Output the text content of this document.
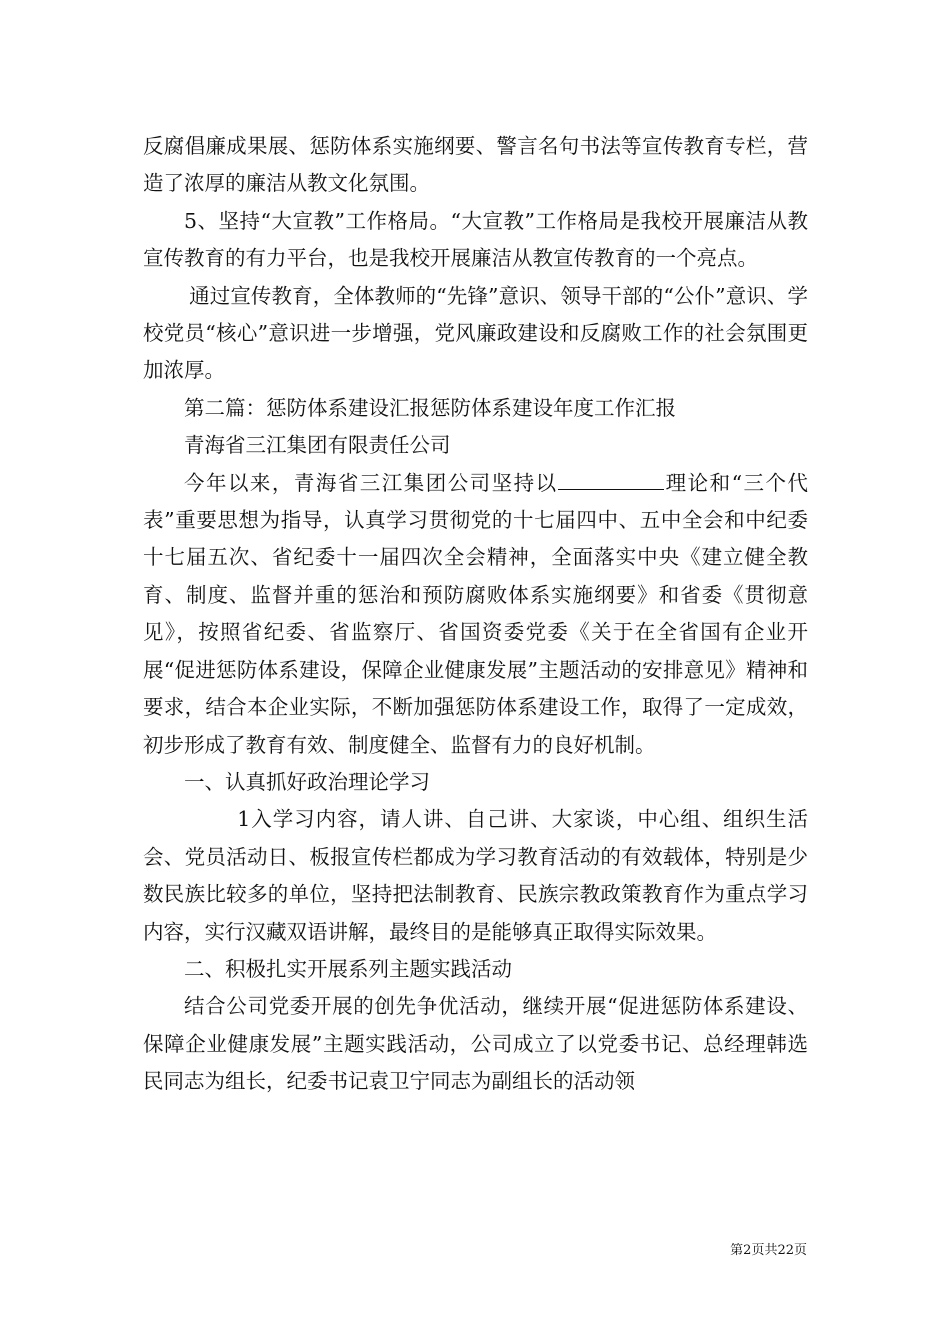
反腐倡廉成果展、惩防体系实施纲要、警言名句书法等宣传教育专栏，营造了浓厚的廉洁从教文化氛围。

5、坚持“大宣教”工作格局。“大宣教”工作格局是我校开展廉洁从教宣传教育的有力平台，也是我校开展廉洁从教宣传教育的一个亮点。

通过宣传教育，全体教师的“先锋”意识、领导干部的“公仆”意识、学校党员“核心”意识进一步增强，党风廉政建设和反腐败工作的社会氛围更加浓厚。

第二篇：惩防体系建设汇报惩防体系建设年度工作汇报

青海省三江集团有限责任公司

今年以来，青海省三江集团公司坚持以	理论和“三个代表”重要思想为指导，认真学习贯彻党的十七届四中、五中全会和中纪委十七届五次、省纪委十一届四次全会精神，全面落实中央《建立健全教育、制度、监督并重的惩治和预防腐败体系实施纲要》和省委《贯彻意见》，按照省纪委、省监察厅、省国资委党委《关于在全省国有企业开展“促进惩防体系建设，保障企业健康发展”主题活动的安排意见》精神和要求，结合本企业实际，不断加强惩防体系建设工作，取得了一定成效，初步形成了教育有效、制度健全、监督有力的良好机制。

一、认真抓好政治理论学习

1入学习内容，请人讲、自己讲、大家谈，中心组、组织生活会、党员活动日、板报宣传栏都成为学习教育活动的有效载体，特别是少数民族比较多的单位，坚持把法制教育、民族宗教政策教育作为重点学习内容，实行汉藏双语讲解，最终目的是能够真正取得实际效果。

二、积极扎实开展系列主题实践活动

结合公司党委开展的创先争优活动，继续开展“促进惩防体系建设、保障企业健康发展”主题实践活动，公司成立了以党委书记、总经理韩选民同志为组长，纪委书记袁卫宁同志为副组长的活动领

第2页共22页
